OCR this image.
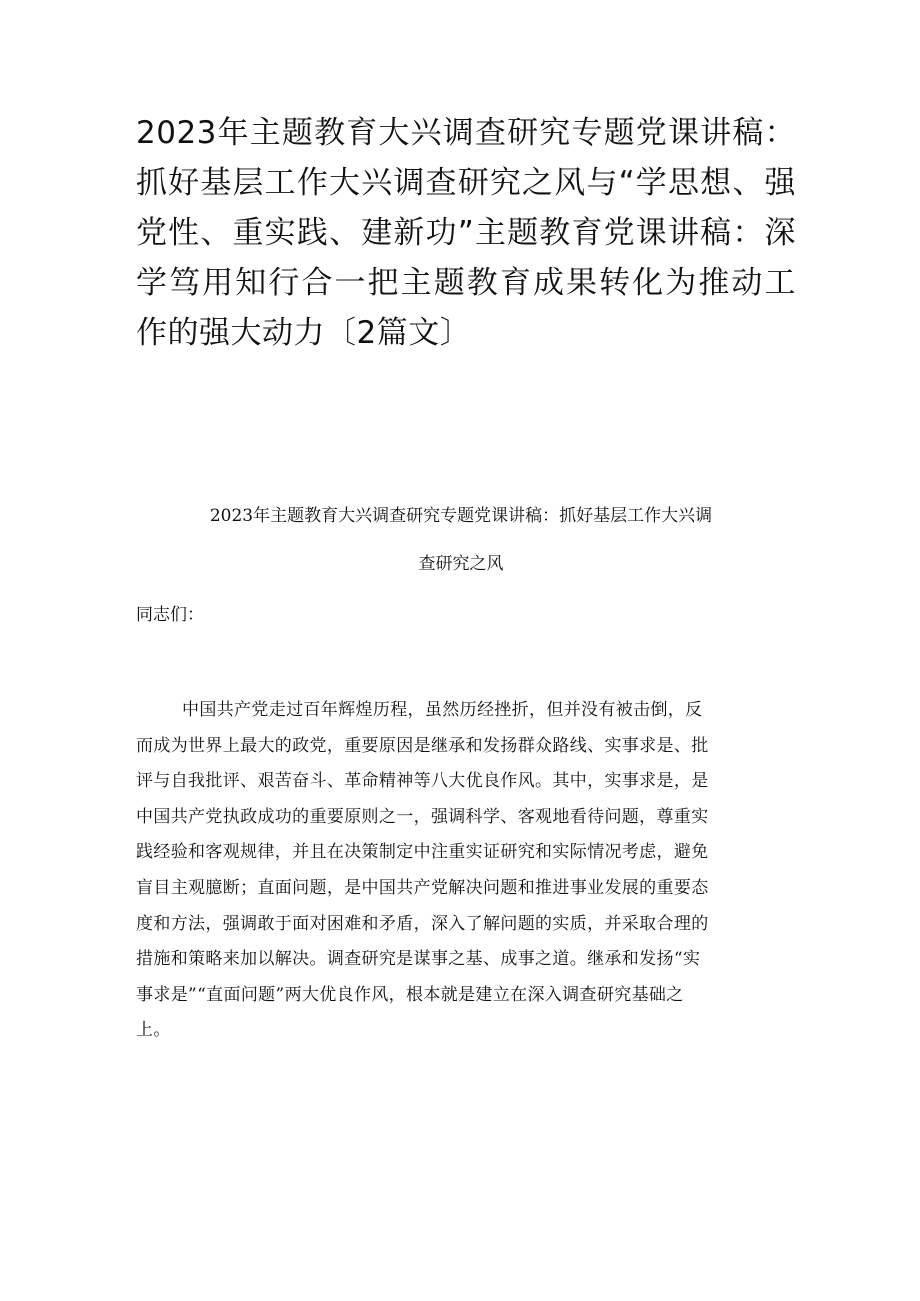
2023年主题教育大兴调查研究专题党课讲稿：抓好基层工作大兴调查研究之风与“学思想、强党性、重实践、建新功”主题教育党课讲稿：深学笃用知行合一把主题教育成果转化为推动工作的强大动力〔2篇文〕
2023年主题教育大兴调查研究专题党课讲稿：抓好基层工作大兴调
查研究之风

同志们：

中国共产党走过百年辉煌历程，虽然历经挫折，但并没有被击倒，反
而成为世界上最大的政党，重要原因是继承和发扬群众路线、实事求是、批
评与自我批评、艰苦奋斗、革命精神等八大优良作风。其中，实事求是，是
中国共产党执政成功的重要原则之一，强调科学、客观地看待问题，尊重实
践经验和客观规律，并且在决策制定中注重实证研究和实际情况考虑，避免
盲目主观臆断；直面问题，是中国共产党解决问题和推进事业发展的重要态
度和方法，强调敢于面对困难和矛盾，深入了解问题的实质，并采取合理的
措施和策略来加以解决。调查研究是谋事之基、成事之道。继承和发扬“实
事求是”“直面问题”两大优良作风，根本就是建立在深入调查研究基础之
上。
